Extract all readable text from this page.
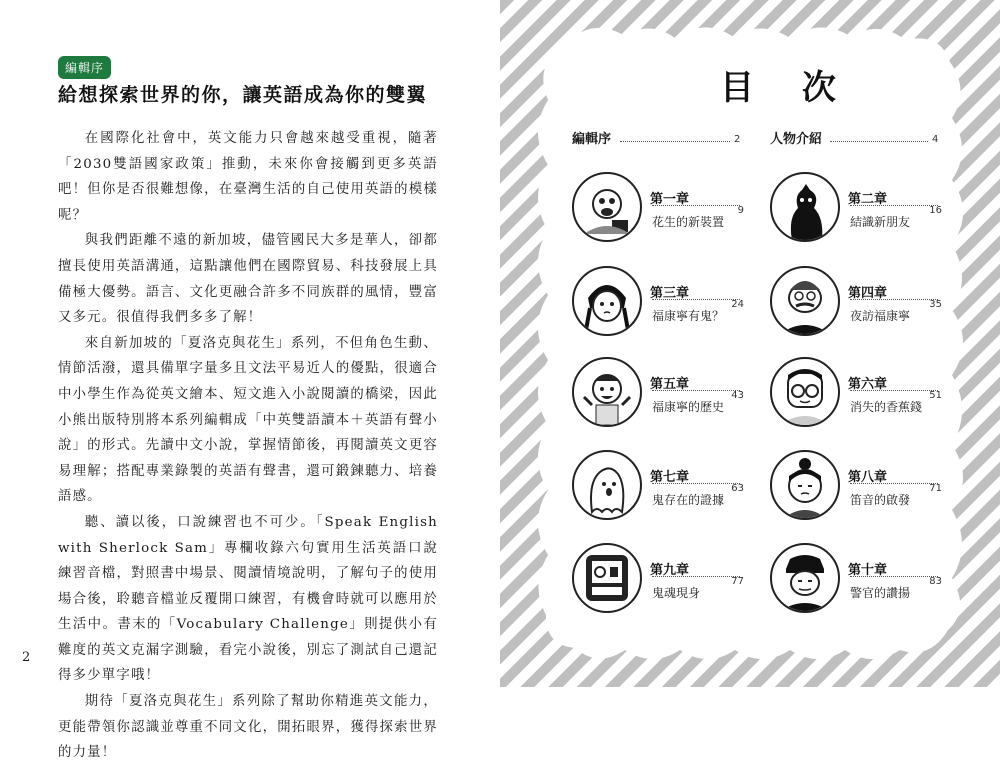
編輯序
給想探索世界的你，讓英語成為你的雙翼

在國際化社會中，英文能力只會越來越受重視，隨著「2030雙語國家政策」推動，未來你會接觸到更多英語吧！但你是否很難想像，在臺灣生活的自己使用英語的模樣呢？

與我們距離不遠的新加坡，儘管國民大多是華人，卻都擅長使用英語溝通，這點讓他們在國際貿易、科技發展上具備極大優勢。語言、文化更融合許多不同族群的風情，豐富又多元。很值得我們多多了解！

來自新加坡的「夏洛克與花生」系列，不但角色生動、情節活潑，還具備單字量多且文法平易近人的優點，很適合中小學生作為從英文繪本、短文進入小說閱讀的橋梁，因此小熊出版特別將本系列編輯成「中英雙語讀本＋英語有聲小說」的形式。先讀中文小說，掌握情節後，再閱讀英文更容易理解；搭配專業錄製的英語有聲書，還可鍛鍊聽力、培養語感。

聽、讀以後，口說練習也不可少。「Speak English with Sherlock Sam」專欄收錄六句實用生活英語口說練習音檔，對照書中場景、閱讀情境說明，了解句子的使用場合後，聆聽音檔並反覆開口練習，有機會時就可以應用於生活中。書末的「Vocabulary Challenge」則提供小有難度的英文克漏字測驗，看完小說後，別忘了測試自己還記得多少單字哦！

期待「夏洛克與花生」系列除了幫助你精進英文能力，更能帶領你認識並尊重不同文化，開拓眼界，獲得探索世界的力量！

2
目 次
編輯序	2 人物介紹	4
第一章
9
花生的新裝置
第二章
16
結識新朋友
第三章
24
福康寧有鬼？
第四章
35
夜訪福康寧
第五章
43
福康寧的歷史
第六章
51
消失的香蕉錢
第七章
63
鬼存在的證據
第八章
71
笛音的啟發
第九章
77
鬼魂現身
第十章
83
警官的讚揚
